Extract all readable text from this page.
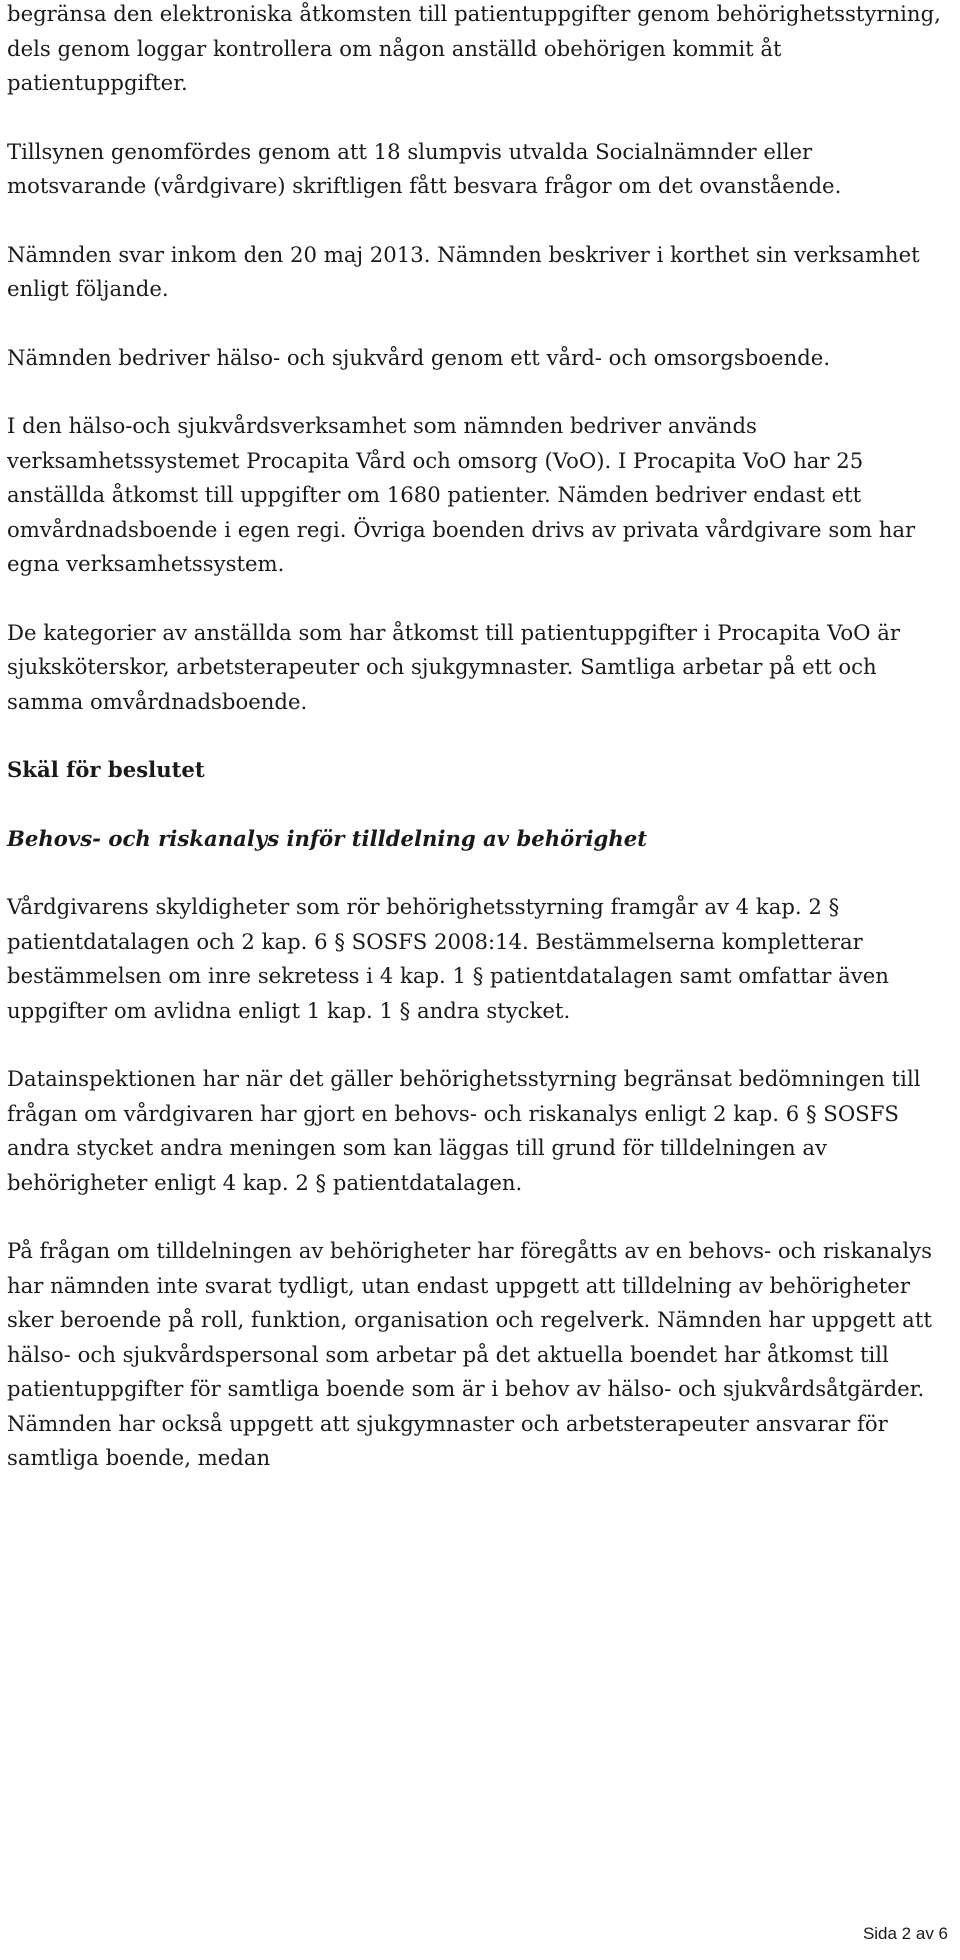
begränsa den elektroniska åtkomsten till patientuppgifter genom behörighetsstyrning, dels genom loggar kontrollera om någon anställd obehörigen kommit åt patientuppgifter.

Tillsynen genomfördes genom att 18 slumpvis utvalda Socialnämnder eller motsvarande (vårdgivare) skriftligen fått besvara frågor om det ovanstående.

Nämnden svar inkom den 20 maj 2013. Nämnden beskriver i korthet sin verksamhet enligt följande.

Nämnden bedriver hälso- och sjukvård genom ett vård- och omsorgsboende.

I den hälso-och sjukvårdsverksamhet som nämnden bedriver används verksamhetssystemet Procapita Vård och omsorg (VoO). I Procapita VoO har 25 anställda åtkomst till uppgifter om 1680 patienter. Nämden bedriver endast ett omvårdnadsboende i egen regi. Övriga boenden drivs av privata vårdgivare som har egna verksamhetssystem.

De kategorier av anställda som har åtkomst till patientuppgifter i Procapita VoO är sjuksköterskor, arbetsterapeuter och sjukgymnaster. Samtliga arbetar på ett och samma omvårdnadsboende.

Skäl för beslutet

Behovs- och riskanalys inför tilldelning av behörighet

Vårdgivarens skyldigheter som rör behörighetsstyrning framgår av 4 kap. 2 § patientdatalagen och 2 kap. 6 § SOSFS 2008:14. Bestämmelserna kompletterar bestämmelsen om inre sekretess i 4 kap. 1 § patientdatalagen samt omfattar även uppgifter om avlidna enligt 1 kap. 1 § andra stycket.

Datainspektionen har när det gäller behörighetsstyrning begränsat bedömningen till frågan om vårdgivaren har gjort en behovs- och riskanalys enligt 2 kap. 6 § SOSFS andra stycket andra meningen som kan läggas till grund för tilldelningen av behörigheter enligt 4 kap. 2 § patientdatalagen.

På frågan om tilldelningen av behörigheter har föregåtts av en behovs- och riskanalys har nämnden inte svarat tydligt, utan endast uppgett att tilldelning av behörigheter sker beroende på roll, funktion, organisation och regelverk. Nämnden har uppgett att hälso- och sjukvårdspersonal som arbetar på det aktuella boendet har åtkomst till patientuppgifter för samtliga boende som är i behov av hälso- och sjukvårdsåtgärder. Nämnden har också uppgett att sjukgymnaster och arbetsterapeuter ansvarar för samtliga boende, medan

Sida 2 av 6
